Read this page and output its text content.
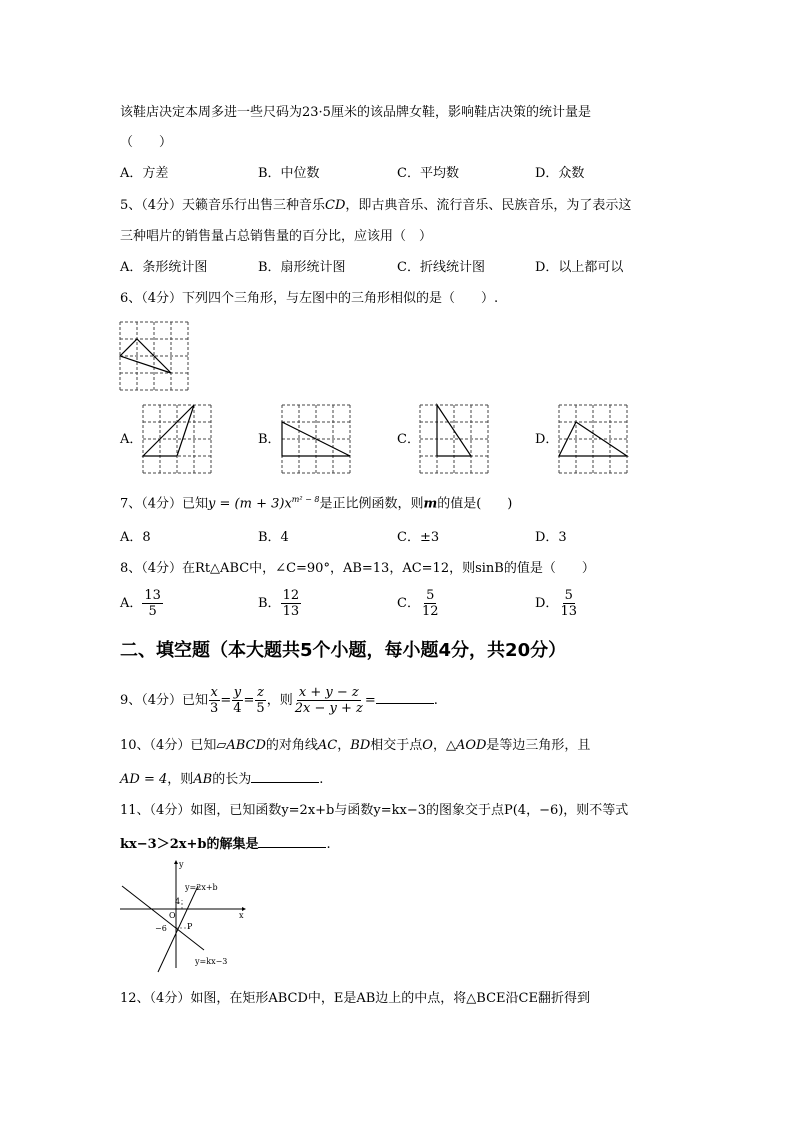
该鞋店决定本周多进一些尺码为23·5厘米的该品牌女鞋，影响鞋店决策的统计量是
（　　）
A．方差	B．中位数	C．平均数	D．众数
5、（4分）天籁音乐行出售三种音乐CD，即古典音乐、流行音乐、民族音乐，为了表示这
三种唱片的销售量占总销售量的百分比，应该用（　）
A．条形统计图	B．扇形统计图	C．折线统计图	D．以上都可以
6、（4分）下列四个三角形，与左图中的三角形相似的是（　　）.
A．	B．	C．	D．
7、（4分）已知$y = (m + 3)x^{m^2 - 8}$是正比例函数，则m的值是(　　)
A．8	B．4	C．±3	D．3
8、（4分）在Rt△ABC中，∠C=90°，AB=13，AC=12，则sinB的值是（　　）
A． $\frac{13}{5}$	B． $\frac{12}{13}$	C． $\frac{5}{12}$	D． $\frac{5}{13}$
二、填空题（本大题共5个小题，每小题4分，共20分）
9、（4分）已知 $\frac{x}{3} = \frac{y}{4} = \frac{z}{5}$ ，则 $\frac{x + y - z}{2x - y + z}$ =	.
10、（4分）已知▱ABCD的对角线AC，BD相交于点O，△AOD是等边三角形，且
AD = 4，则AB的长为	.
11、（4分）如图，已知函数y=2x+b与函数y=kx−3的图象交于点P(4，−6)，则不等式
kx−3＞2x+b的解集是	.
y
x
O
P
4
−6
y=2x+b
y=kx−3
12、（4分）如图，在矩形ABCD中，E是AB边上的中点，将△BCE沿CE翻折得到
